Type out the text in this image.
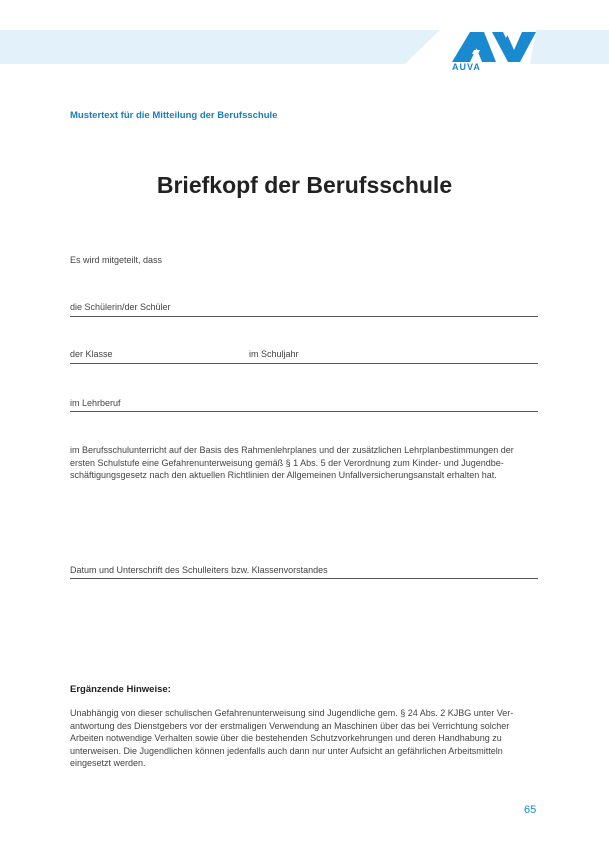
AUVA
Mustertext für die Mitteilung der Berufsschule
Briefkopf der Berufsschule
Es wird mitgeteilt, dass
die Schülerin/der Schüler
der Klasse	im Schuljahr
im Lehrberuf
im Berufsschulunterricht auf der Basis des Rahmenlehrplanes und der zusätzlichen Lehrplanbestimmungen der
ersten Schulstufe eine Gefahrenunterweisung gemäß § 1 Abs. 5 der Verordnung zum Kinder- und Jugendbe-
schäftigungsgesetz nach den aktuellen Richtlinien der Allgemeinen Unfallversicherungsanstalt erhalten hat.
Datum und Unterschrift des Schulleiters bzw. Klassenvorstandes
Ergänzende Hinweise:
Unabhängig von dieser schulischen Gefahrenunterweisung sind Jugendliche gem. § 24 Abs. 2 KJBG unter Ver-
antwortung des Dienstgebers vor der erstmaligen Verwendung an Maschinen über das bei Verrichtung solcher
Arbeiten notwendige Verhalten sowie über die bestehenden Schutzvorkehrungen und deren Handhabung zu
unterweisen. Die Jugendlichen können jedenfalls auch dann nur unter Aufsicht an gefährlichen Arbeitsmitteln
eingesetzt werden.
65
